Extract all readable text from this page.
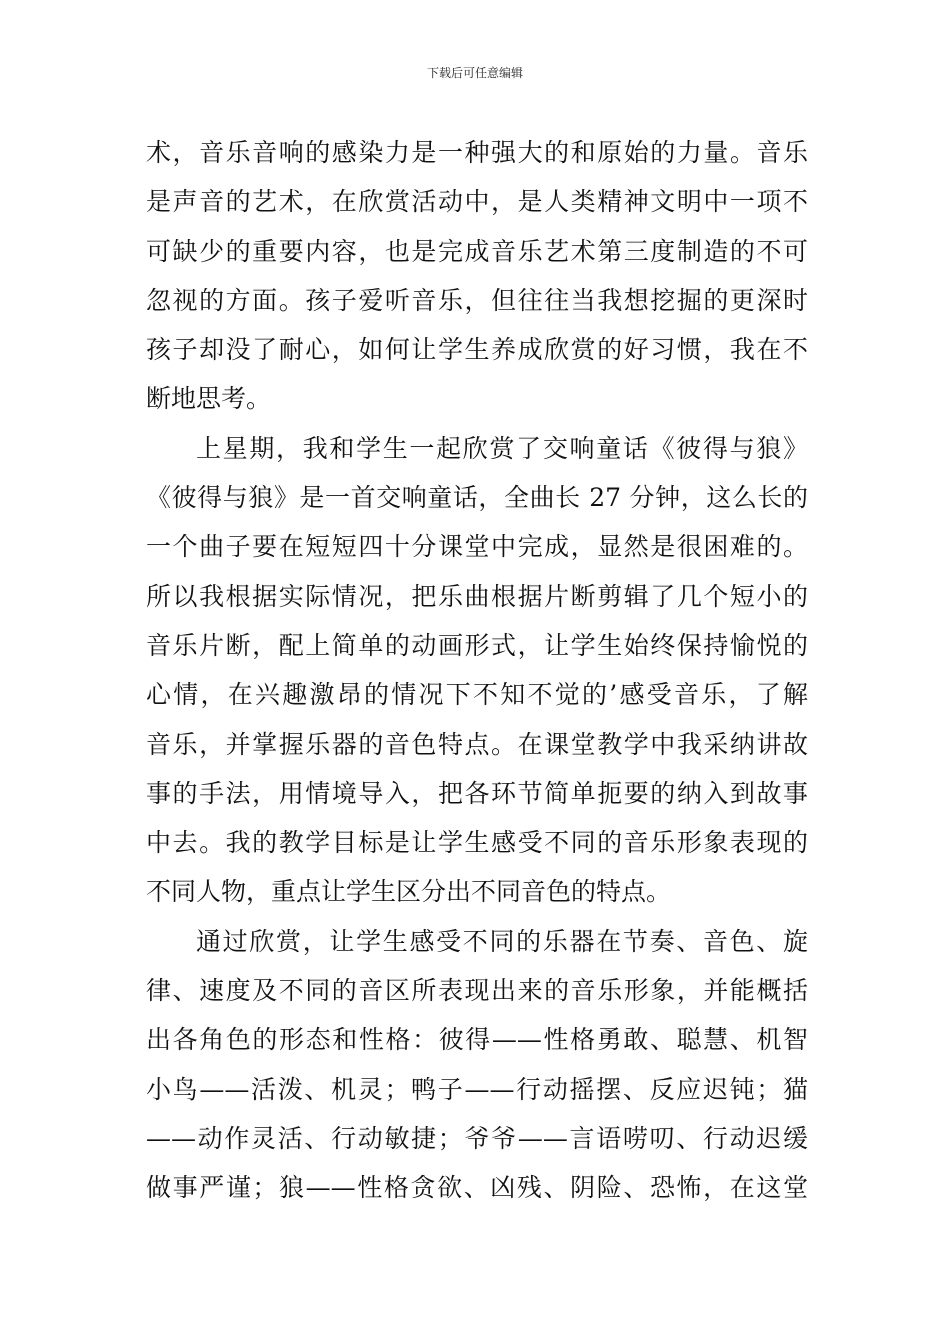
下载后可任意编辑
术，音乐音响的感染力是一种强大的和原始的力量。音乐
是声音的艺术，在欣赏活动中，是人类精神文明中一项不
可缺少的重要内容，也是完成音乐艺术第三度制造的不可
忽视的方面。孩子爱听音乐，但往往当我想挖掘的更深时
孩子却没了耐心，如何让学生养成欣赏的好习惯，我在不
断地思考。
上星期，我和学生一起欣赏了交响童话《彼得与狼》
《彼得与狼》是一首交响童话，全曲长 27 分钟，这么长的
一个曲子要在短短四十分课堂中完成，显然是很困难的。
所以我根据实际情况，把乐曲根据片断剪辑了几个短小的
音乐片断，配上简单的动画形式，让学生始终保持愉悦的
心情，在兴趣激昂的情况下不知不觉的’感受音乐，了解
音乐，并掌握乐器的音色特点。在课堂教学中我采纳讲故
事的手法，用情境导入，把各环节简单扼要的纳入到故事
中去。我的教学目标是让学生感受不同的音乐形象表现的
不同人物，重点让学生区分出不同音色的特点。
通过欣赏，让学生感受不同的乐器在节奏、音色、旋
律、速度及不同的音区所表现出来的音乐形象，并能概括
出各角色的形态和性格：彼得——性格勇敢、聪慧、机智
小鸟——活泼、机灵；鸭子——行动摇摆、反应迟钝；猫
——动作灵活、行动敏捷；爷爷——言语唠叨、行动迟缓
做事严谨；狼——性格贪欲、凶残、阴险、恐怖，在这堂
